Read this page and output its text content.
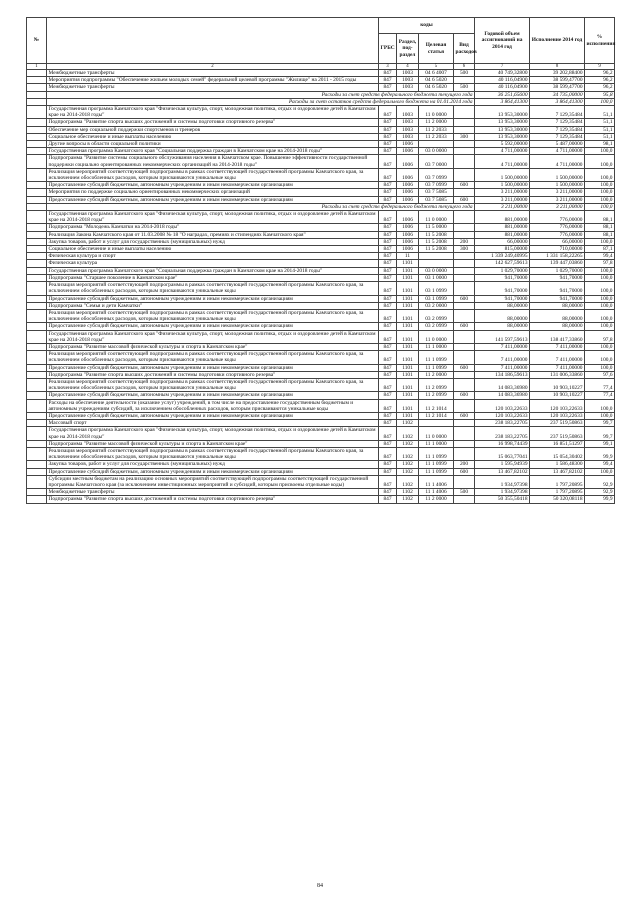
№		коды				Годовой объем ассигнований на 2014 год	Исполнение 2014 год	% исполнения
		ГРБС	Раздел, под-раздел	Целевая статья	Вид расходов			
1	2	3	4	5	6	7	8	9
	Межбюджетные трансферты	847	1003	04 6 4007	500	40 749,32800	39 202,88400	96,2
	Мероприятия подпрограммы "Обеспечение жильем молодых семей" федеральной целевой программы "Жилище" на 2011 - 2015 годы	847	1003	04 6 5020		40 116,04900	38 599,47700	96,2
	Межбюджетные трансферты	847	1003	04 6 5020	500	40 116,04900	38 599,47700	96,2
	Расходы за счет средств федерального бюджета текущего года					36 251,65600	34 735,00000	95,8
	Расходы за счет остатков средств федерального бюджета на 01.01.2014 года					3 864,41300	3 864,41300	100,0
	Государственная программа Камчатского края "Физическая культура, спорт, молодежная политика, отдых и оздоровление детей в Камчатском крае на 2014-2018 годы"	847	1003	11 0 0000		13 953,30000	7 129,35484	51,1
	Подпрограмма "Развитие спорта высших достижений и системы подготовки спортивного резерва"	847	1003	11 2 0000		13 953,30000	7 129,35484	51,1
	Обеспечение мер социальной поддержки спортсменов и тренеров	847	1003	11 2 2033		13 953,30000	7 129,35484	51,1
	Социальное обеспечение и иные выплаты населению	847	1003	11 2 2033	300	13 953,30000	7 129,35484	51,1
	Другие вопросы в области социальной политики	847	1006			5 592,00000	5 487,00000	98,1
	Государственная программа Камчатского края "Социальная поддержка граждан в Камчатском крае на 2014-2018 годы"	847	1006	03 0 0000		4 711,00000	4 711,00000	100,0
	Подпрограмма "Развитие системы социального обслуживания населения в Камчатском крае. Повышение эффективности государственной поддержки социально ориентированных некоммерческих организаций на 2014-2018 годы"	847	1006	03 7 0000		4 711,00000	4 711,00000	100,0
	Реализация мероприятий соответствующей подпрограммы в рамках соответствующей государственной программы Камчатского края, за исключением обособленных расходов, которым присваиваются уникальные коды	847	1006	03 7 0999		1 500,00000	1 500,00000	100,0
	Предоставление субсидий бюджетным, автономным учреждениям и иным некоммерческим организациям	847	1006	03 7 0999	600	1 500,00000	1 500,00000	100,0
	Мероприятия по поддержке социально ориентированных некоммерческих организаций	847	1006	03 7 5085		3 211,00000	3 211,00000	100,0
	Предоставление субсидий бюджетным, автономным учреждениям и иным некоммерческим организациям	847	1006	03 7 5085	600	3 211,00000	3 211,00000	100,0
	Расходы за счет средств федерального бюджета текущего года					3 211,00000	3 211,00000	100,0
	Государственная программа Камчатского края "Физическая культура, спорт, молодежная политика, отдых и оздоровление детей в Камчатском крае на 2014-2018 годы"	847	1006	11 0 0000		881,00000	776,00000	88,1
	Подпрограмма "Молодежь Камчатки на 2014-2018 годы"	847	1006	11 5 0000		881,00000	776,00000	88,1
	Реализация Закона Камчатского края от 11.03.2008 № 18 "О наградах, премиях и стипендиях Камчатского края"	847	1006	11 5 2008		881,00000	776,00000	88,1
	Закупка товаров, работ и услуг для государственных (муниципальных) нужд	847	1006	11 5 2008	200	66,00000	66,00000	100,0
	Социальное обеспечение и иные выплаты населению	847	1006	11 5 2008	300	815,00000	710,00000	87,1
	Физическая культура и спорт	847	11			1 339 249,40995	1 331 158,22265	99,4
	Физическая культура	847	1101			142 627,59613	139 447,03860	97,8
	Государственная программа Камчатского края "Социальная поддержка граждан в Камчатском крае на 2014-2018 годы"	847	1101	03 0 0000		1 029,70000	1 029,70000	100,0
	Подпрограмма "Старшее поколение в Камчатском крае"	847	1101	03 1 0000		941,70000	941,70000	100,0
	Реализация мероприятий соответствующей подпрограммы в рамках соответствующей государственной программы Камчатского края, за исключением обособленных расходов, которым присваиваются уникальные коды	847	1101	03 1 0999		941,70000	941,70000	100,0
	Предоставление субсидий бюджетным, автономным учреждениям и иным некоммерческим организациям	847	1101	03 1 0999	600	941,70000	941,70000	100,0
	Подпрограмма "Семья и дети Камчатки"	847	1101	03 2 0000		88,00000	88,00000	100,0
	Реализация мероприятий соответствующей подпрограммы в рамках соответствующей государственной программы Камчатского края, за исключением обособленных расходов, которым присваиваются уникальные коды	847	1101	03 2 0999		88,00000	88,00000	100,0
	Предоставление субсидий бюджетным, автономным учреждениям и иным некоммерческим организациям	847	1101	03 2 0999	600	88,00000	88,00000	100,0
	Государственная программа Камчатского края "Физическая культура, спорт, молодежная политика, отдых и оздоровление детей в Камчатском крае на 2014-2018 годы"	847	1101	11 0 0000		141 597,59613	138 417,33860	97,8
	Подпрограмма "Развитие массовой физической культуры и спорта в Камчатском крае"	847	1101	11 1 0000		7 411,00000	7 411,00000	100,0
	Реализация мероприятий соответствующей подпрограммы в рамках соответствующей государственной программы Камчатского края, за исключением обособленных расходов, которым присваиваются уникальные коды	847	1101	11 1 0999		7 411,00000	7 411,00000	100,0
	Предоставление субсидий бюджетным, автономным учреждениям и иным некоммерческим организациям	847	1101	11 1 0999	600	7 411,00000	7 411,00000	100,0
	Подпрограмма "Развитие спорта высших достижений и системы подготовки спортивного резерва"	847	1101	11 2 0000		134 186,59613	131 006,33860	97,6
	Реализация мероприятий соответствующей подпрограммы в рамках соответствующей государственной программы Камчатского края, за исключением обособленных расходов, которым присваиваются уникальные коды	847	1101	11 2 0999		14 083,36980	10 903,10227	77,4
	Предоставление субсидий бюджетным, автономным учреждениям и иным некоммерческим организациям	847	1101	11 2 0999	600	14 083,36980	10 903,10227	77,4
	Расходы на обеспечение деятельности (оказание услуг) учреждений, в том числе на предоставление государственным бюджетным и автономным учреждениям субсидий, за исключением обособленных расходов, которым присваиваются уникальные коды	847	1101	11 2 1014		120 103,22633	120 103,22633	100,0
	Предоставление субсидий бюджетным, автономным учреждениям и иным некоммерческим организациям	847	1101	11 2 1014	600	120 103,22633	120 103,22633	100,0
	Массовый спорт	847	1102			238 183,22705	237 519,50863	99,7
	Государственная программа Камчатского края "Физическая культура, спорт, молодежная политика, отдых и оздоровление детей в Камчатском крае на 2014-2018 годы"	847	1102	11 0 0000		238 183,22705	237 519,50863	99,7
	Подпрограмма "Развитие массовой физической культуры и спорта в Камчатском крае"	847	1102	11 1 0000		16 998,74439	16 851,51297	99,1
	Реализация мероприятий соответствующей подпрограммы в рамках соответствующей государственной программы Камчатского края, за исключением обособленных расходов, которым присваиваются уникальные коды	847	1102	11 1 0999		15 063,77041	15 054,30402	99,9
	Закупка товаров, работ и услуг для государственных (муниципальных) нужд	847	1102	11 1 0999	200	1 595,94939	1 586,48300	99,4
	Предоставление субсидий бюджетным, автономным учреждениям и иным некоммерческим организациям	847	1102	11 1 0999	600	13 467,82102	13 467,82102	100,0
	Субсидии местным бюджетам на реализацию основных мероприятий соответствующей подпрограммы соответствующей государственной программы Камчатского края (за исключением инвестиционных мероприятий и субсидий, которым присвоены отдельные коды)	847	1102	11 1 4006		1 934,97398	1 797,20895	92,9
	Межбюджетные трансферты	847	1102	11 1 4006	500	1 934,97398	1 797,20895	92,9
	Подпрограмма "Развитие спорта высших достижений и системы подготовки спортивного резерва"	847	1102	11 2 0000		50 355,50418	50 320,08118	99,9
84
